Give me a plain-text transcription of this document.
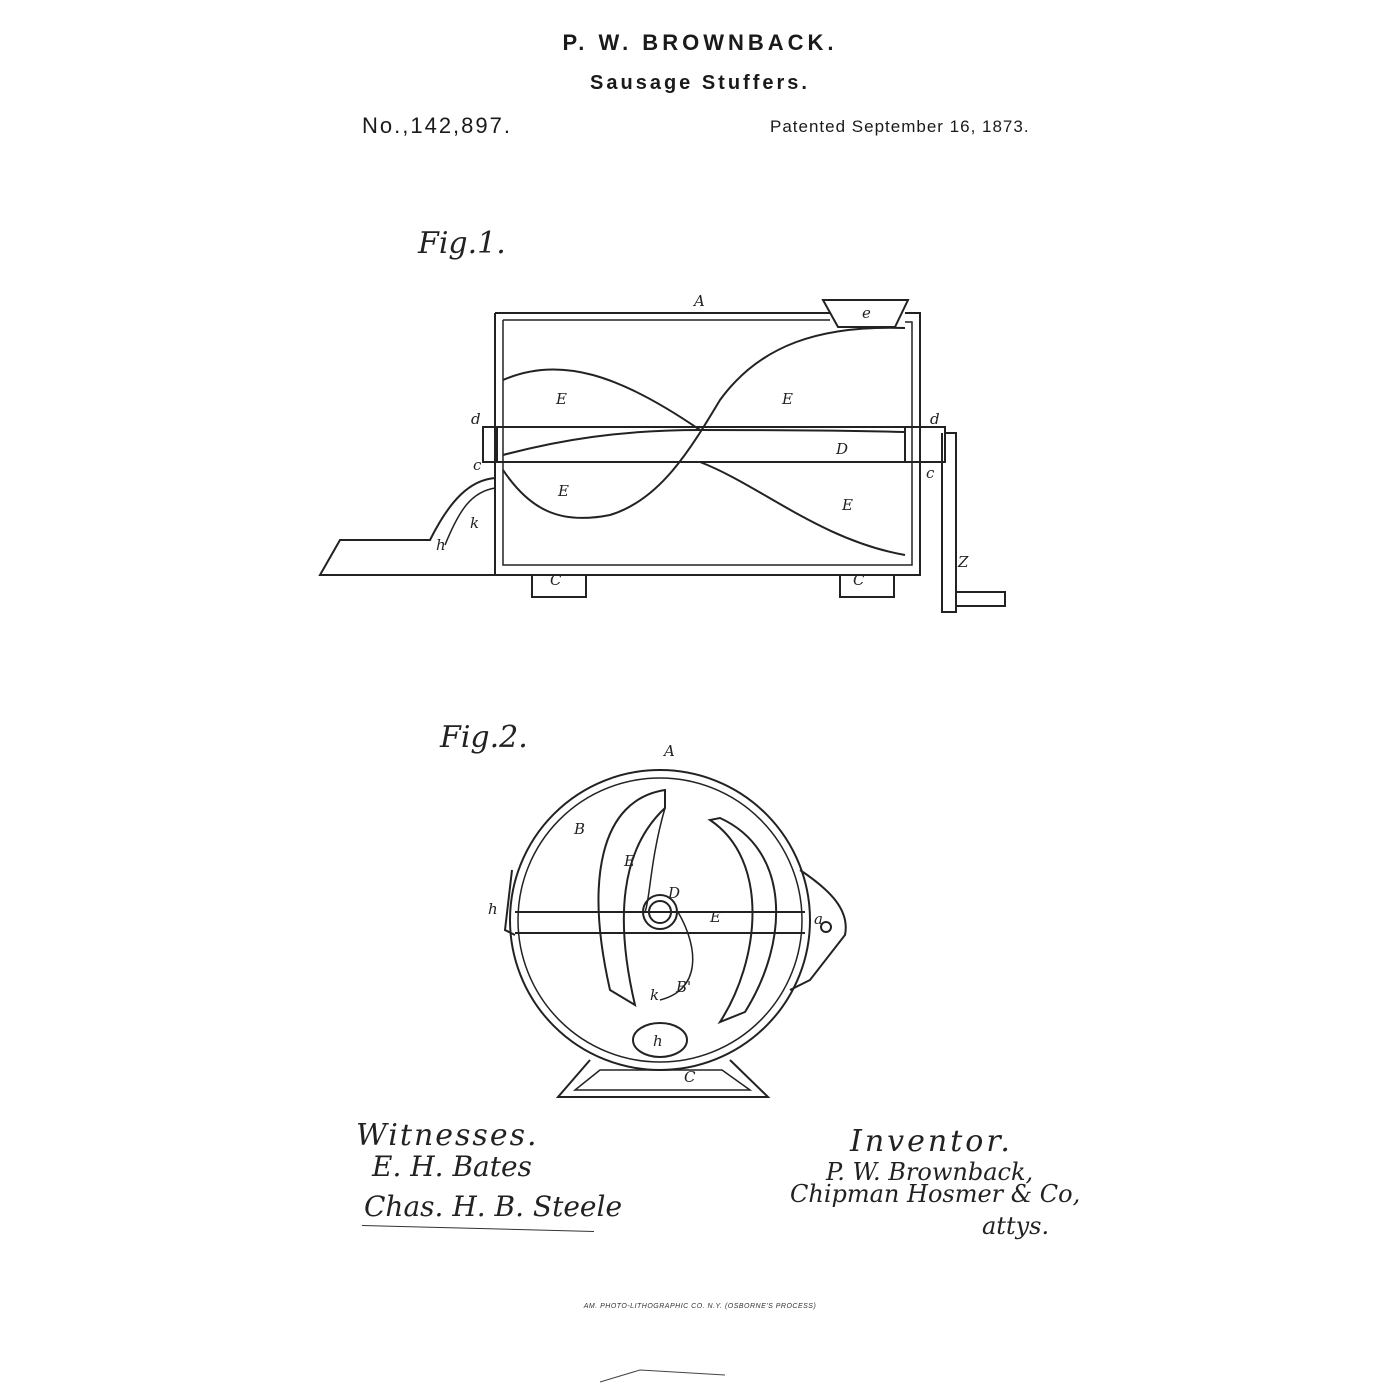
P. W. BROWNBACK.
Sausage Stuffers.
No.,142,897.	Patented September 16, 1873.
Fig.1.
A
e
E	E
E
E
D
d	d
c	c
k
h
C	C
Z
Fig.2.	A
B
E
D
E
k B'
h
h
C
a
Witnesses.
E. H. Bates
Chas. H. B. Steele
Inventor.
P. W. Brownback,
Chipman Hosmer & Co,
attys.
AM. PHOTO-LITHOGRAPHIC CO. N.Y. (OSBORNE'S PROCESS)
